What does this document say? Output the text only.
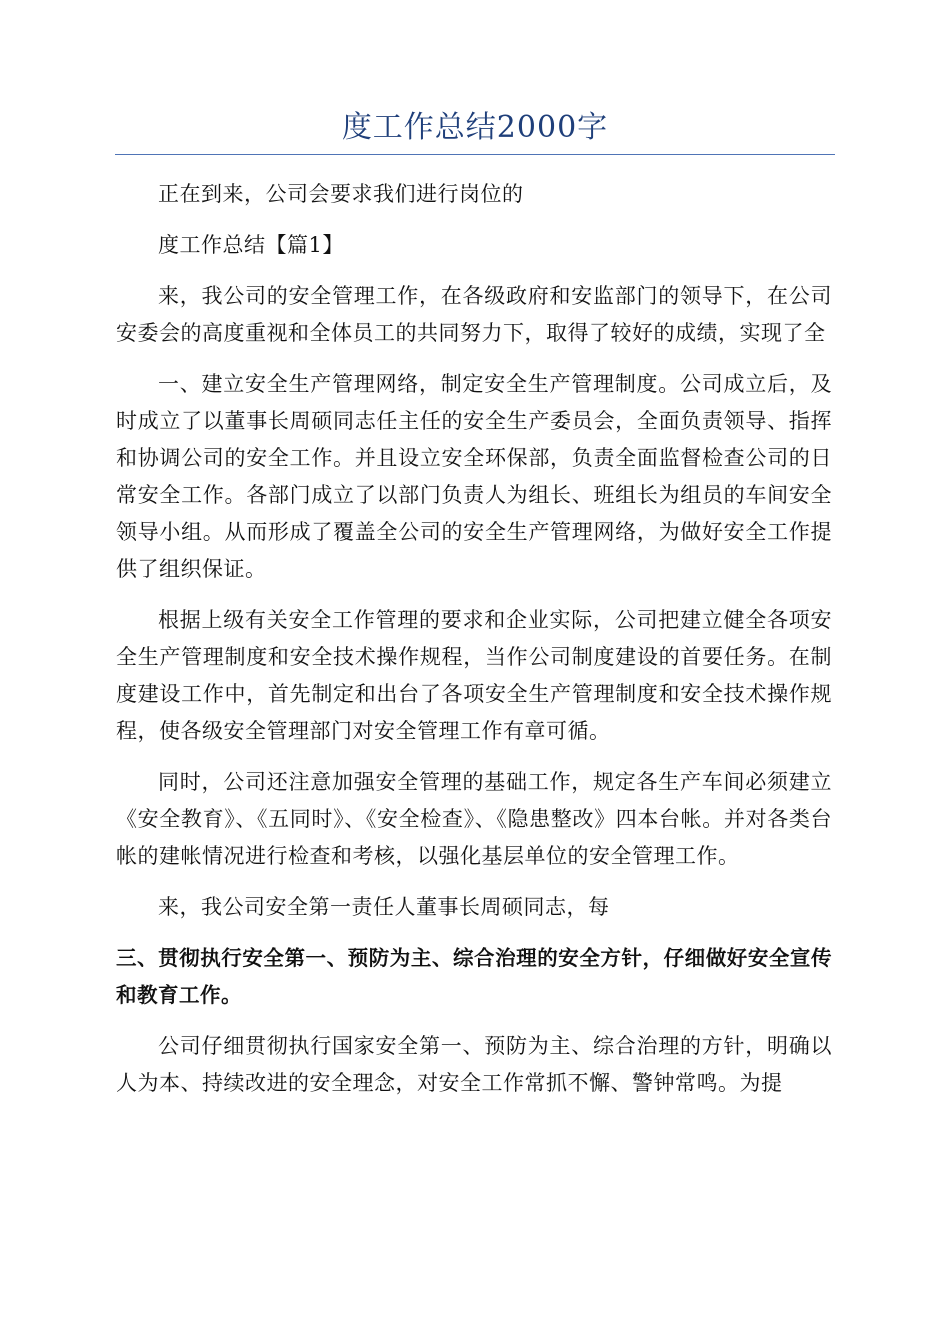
度工作总结2000字

正在到来，公司会要求我们进行岗位的

度工作总结【篇1】

来，我公司的安全管理工作，在各级政府和安监部门的领导下，在公司安委会的高度重视和全体员工的共同努力下，取得了较好的成绩，实现了全

一、建立安全生产管理网络，制定安全生产管理制度。公司成立后，及时成立了以董事长周硕同志任主任的安全生产委员会，全面负责领导、指挥和协调公司的安全工作。并且设立安全环保部，负责全面监督检查公司的日常安全工作。各部门成立了以部门负责人为组长、班组长为组员的车间安全领导小组。从而形成了覆盖全公司的安全生产管理网络，为做好安全工作提供了组织保证。

根据上级有关安全工作管理的要求和企业实际，公司把建立健全各项安全生产管理制度和安全技术操作规程，当作公司制度建设的首要任务。在制度建设工作中，首先制定和出台了各项安全生产管理制度和安全技术操作规程，使各级安全管理部门对安全管理工作有章可循。

同时，公司还注意加强安全管理的基础工作，规定各生产车间必须建立《安全教育》、《五同时》、《安全检查》、《隐患整改》四本台帐。并对各类台帐的建帐情况进行检查和考核，以强化基层单位的安全管理工作。

来，我公司安全第一责任人董事长周硕同志，每

三、贯彻执行安全第一、预防为主、综合治理的安全方针，仔细做好安全宣传和教育工作。

公司仔细贯彻执行国家安全第一、预防为主、综合治理的方针，明确以人为本、持续改进的安全理念，对安全工作常抓不懈、警钟常鸣。为提
